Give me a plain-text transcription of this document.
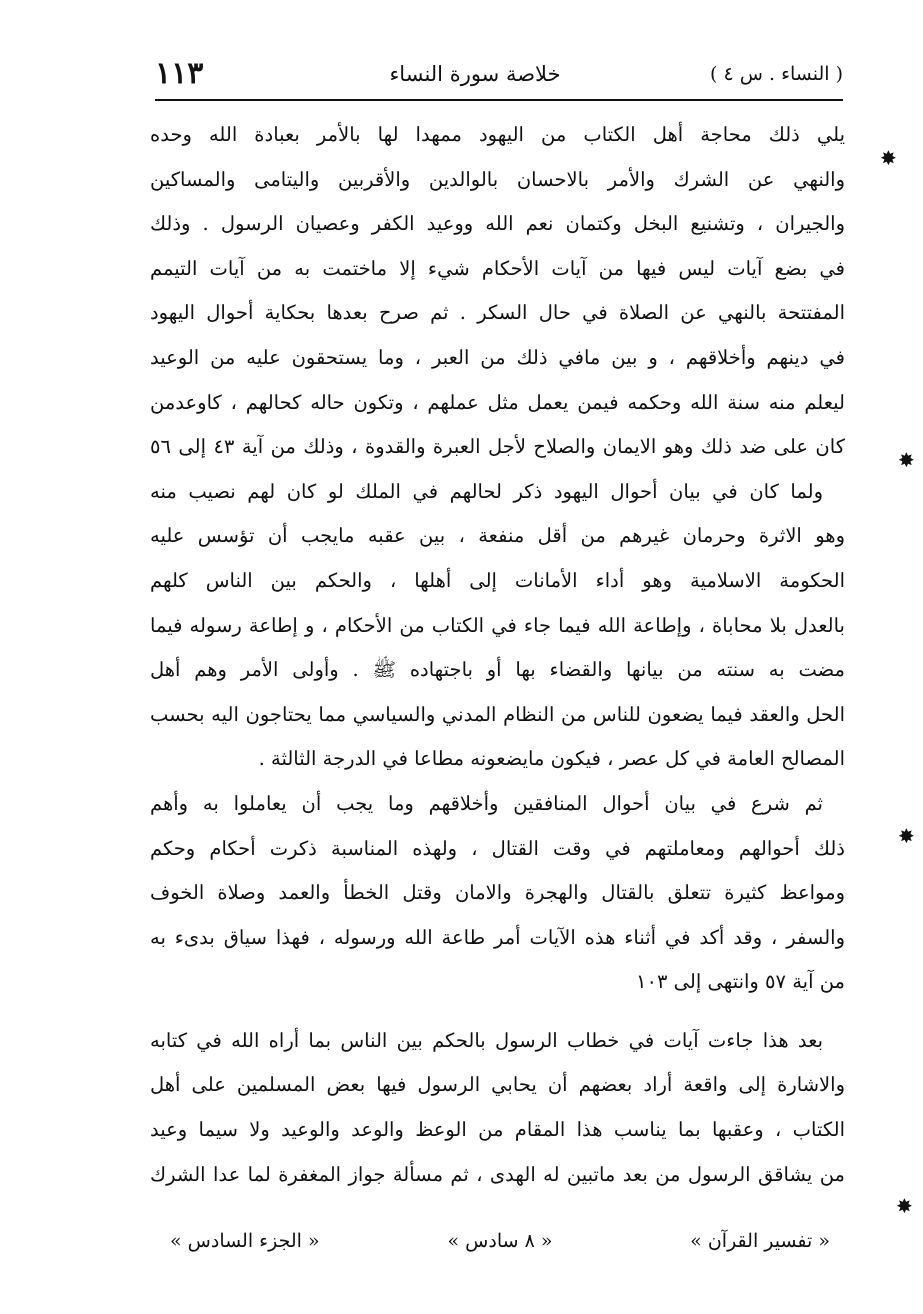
( النساء . س ٤ )
خلاصة سورة النساء
١١٣
يلي ذلك محاجة أهل الكتاب من اليهود ممهدا لها بالأمر بعبادة الله وحده
والنهي عن الشرك والأمر بالاحسان بالوالدين والأقربين واليتامى والمساكين
والجيران ، وتشنيع البخل وكتمان نعم الله ووعيد الكفر وعصيان الرسول . وذلك
في بضع آيات ليس فيها من آيات الأحكام شيء إلا ماختمت به من آيات التيمم
المفتتحة بالنهي عن الصلاة في حال السكر . ثم صرح بعدها بحكاية أحوال اليهود
في دينهم وأخلاقهم ، و بين مافي ذلك من العبر ، وما يستحقون عليه من الوعيد
ليعلم منه سنة الله وحكمه فيمن يعمل مثل عملهم ، وتكون حاله كحالهم ، كاوعدمن
كان على ضد ذلك وهو الايمان والصلاح لأجل العبرة والقدوة ، وذلك من آية ٤٣ إلى ٥٦
ولما كان في بيان أحوال اليهود ذكر لحالهم في الملك لو كان لهم نصيب منه
وهو الاثرة وحرمان غيرهم من أقل منفعة ، بين عقبه مايجب أن تؤسس عليه
الحكومة الاسلامية وهو أداء الأمانات إلى أهلها ، والحكم بين الناس كلهم
بالعدل بلا محاباة ، وإطاعة الله فيما جاء في الكتاب من الأحكام ، و إطاعة رسوله فيما
مضت به سنته من بيانها والقضاء بها أو باجتهاده ﷺ . وأولى الأمر وهم أهل
الحل والعقد فيما يضعون للناس من النظام المدني والسياسي مما يحتاجون اليه بحسب
المصالح العامة في كل عصر ، فيكون مايضعونه مطاعا في الدرجة الثالثة .
ثم شرع في بيان أحوال المنافقين وأخلاقهم وما يجب أن يعاملوا به وأهم
ذلك أحوالهم ومعاملتهم في وقت القتال ، ولهذه المناسبة ذكرت أحكام وحكم
ومواعظ كثيرة تتعلق بالقتال والهجرة والامان وقتل الخطأ والعمد وصلاة الخوف
والسفر ، وقد أكد في أثناء هذه الآيات أمر طاعة الله ورسوله ، فهذا سياق بدىء به
من آية ٥٧ وانتهى إلى ١٠٣
بعد هذا جاءت آيات في خطاب الرسول بالحكم بين الناس بما أراه الله في كتابه
والاشارة إلى واقعة أراد بعضهم أن يحابي الرسول فيها بعض المسلمين على أهل
الكتاب ، وعقبها بما يناسب هذا المقام من الوعظ والوعد والوعيد ولا سيما وعيد
من يشاقق الرسول من بعد ماتبين له الهدى ، ثم مسألة جواز المغفرة لما عدا الشرك
« تفسير القرآن »
« ٨ سادس »
« الجزء السادس »
✸
✸
✸
✸
